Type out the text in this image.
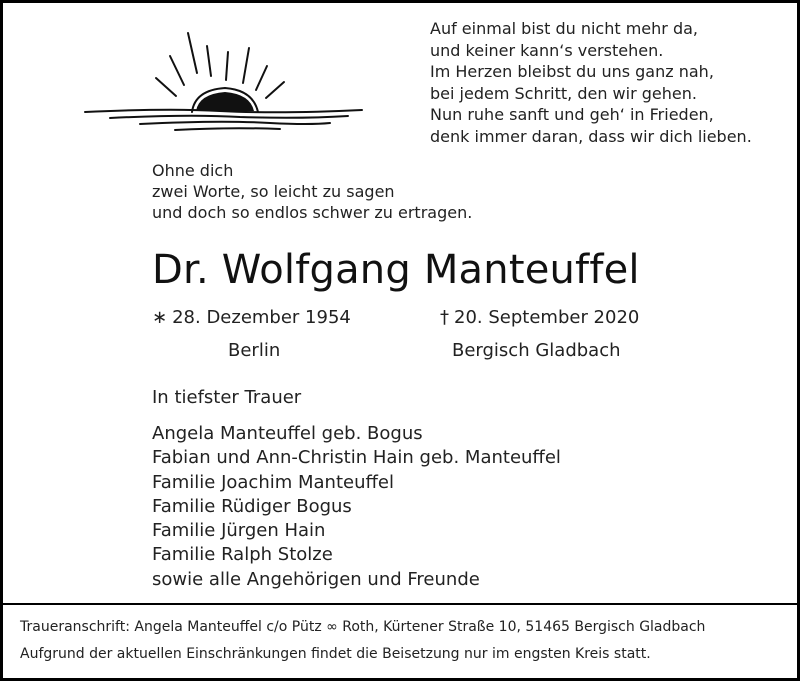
Auf einmal bist du nicht mehr da,
und keiner kann‘s verstehen.
Im Herzen bleibst du uns ganz nah,
bei jedem Schritt, den wir gehen.
Nun ruhe sanft und geh‘ in Frieden,
denk immer daran, dass wir dich lieben.
Ohne dich
zwei Worte, so leicht zu sagen
und doch so endlos schwer zu ertragen.
Dr. Wolfgang Manteuffel
∗ 28. Dezember 1954	† 20. September 2020
Berlin	Bergisch Gladbach
In tiefster Trauer
Angela Manteuffel geb. Bogus
Fabian und Ann-Christin Hain geb. Manteuffel
Familie Joachim Manteuffel
Familie Rüdiger Bogus
Familie Jürgen Hain
Familie Ralph Stolze
sowie alle Angehörigen und Freunde
Traueranschrift: Angela Manteuffel c/o Pütz ∞ Roth, Kürtener Straße 10, 51465 Bergisch Gladbach
Aufgrund der aktuellen Einschränkungen findet die Beisetzung nur im engsten Kreis statt.
